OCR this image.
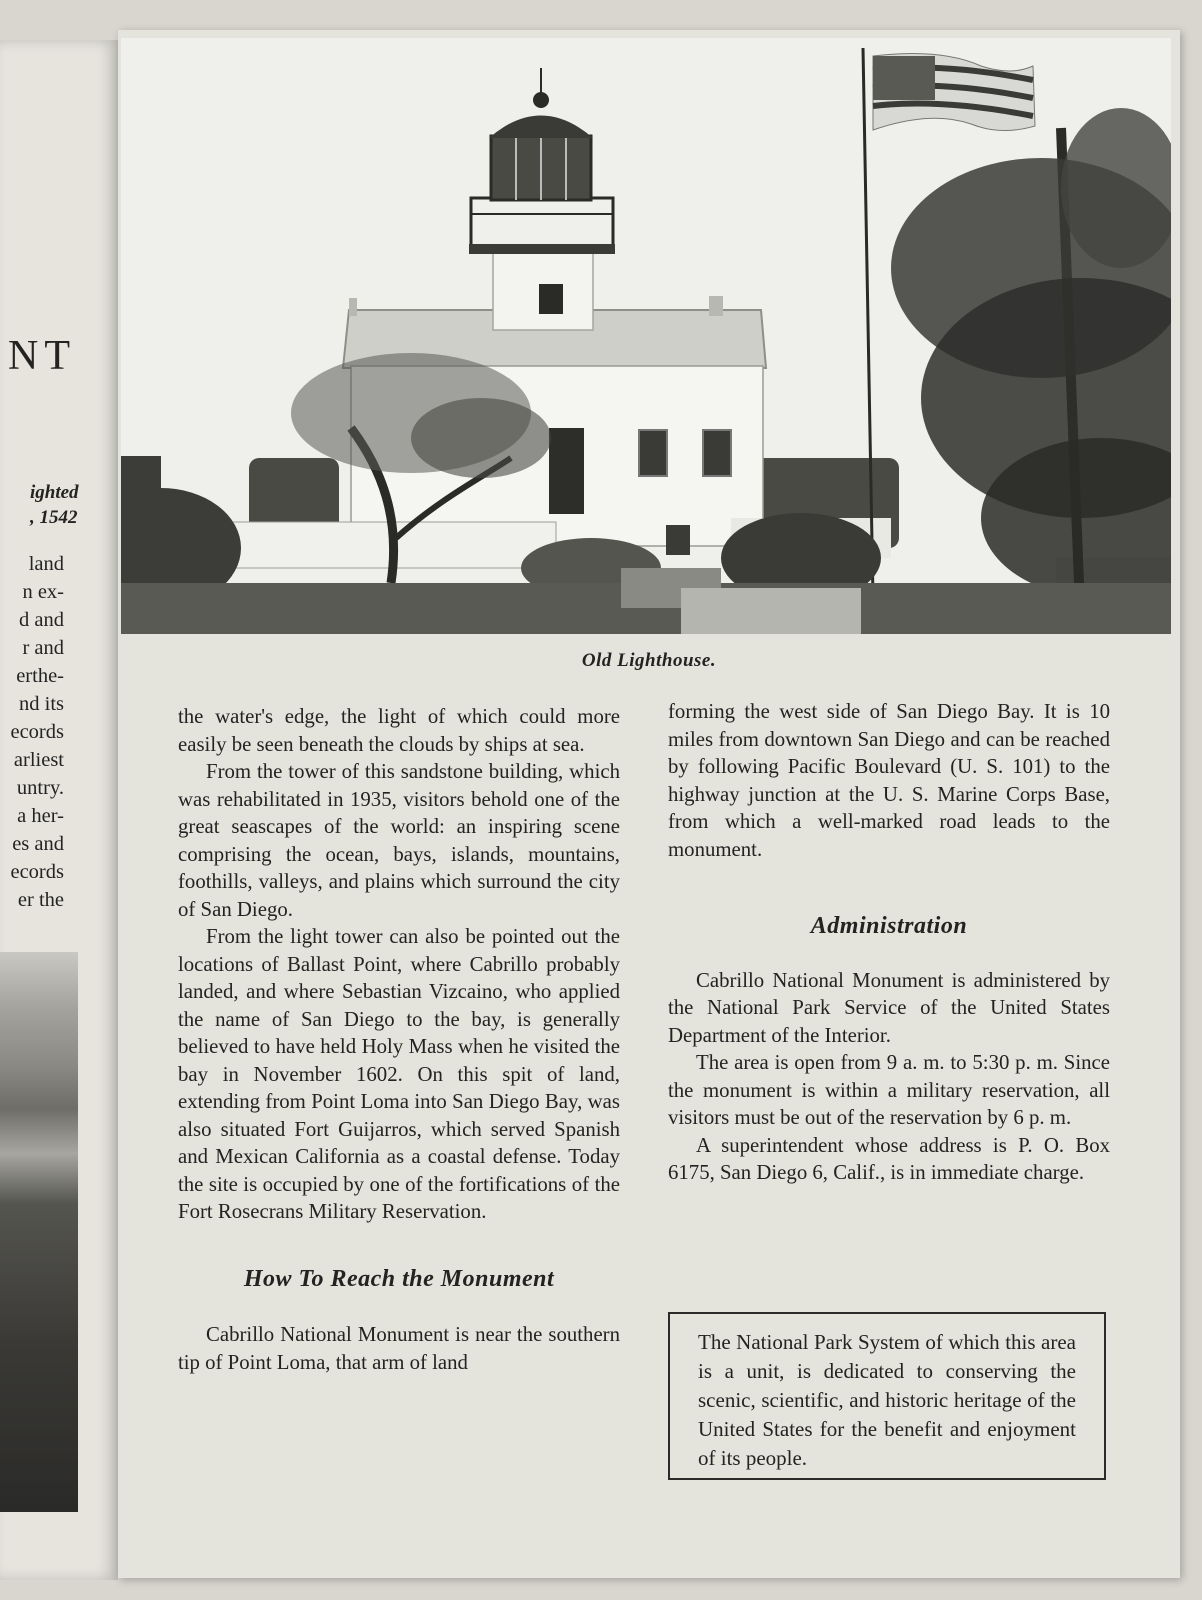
NT
ighted
, 1542
land
n ex-
d and
r and
erthe-
nd its
ecords
arliest
untry.
a her-
es and
ecords
er the
Old Lighthouse.

the water's edge, the light of which could more easily be seen beneath the clouds by ships at sea.

From the tower of this sandstone building, which was rehabilitated in 1935, visitors behold one of the great seascapes of the world: an inspiring scene comprising the ocean, bays, islands, mountains, foothills, valleys, and plains which surround the city of San Diego.

From the light tower can also be pointed out the locations of Ballast Point, where Cabrillo probably landed, and where Sebastian Vizcaino, who applied the name of San Diego to the bay, is generally believed to have held Holy Mass when he visited the bay in November 1602. On this spit of land, extending from Point Loma into San Diego Bay, was also situated Fort Guijarros, which served Spanish and Mexican California as a coastal defense. Today the site is occupied by one of the fortifications of the Fort Rosecrans Military Reservation.

How To Reach the Monument

Cabrillo National Monument is near the southern tip of Point Loma, that arm of land

forming the west side of San Diego Bay. It is 10 miles from downtown San Diego and can be reached by following Pacific Boulevard (U. S. 101) to the highway junction at the U. S. Marine Corps Base, from which a well-marked road leads to the monument.

Administration

Cabrillo National Monument is administered by the National Park Service of the United States Department of the Interior.

The area is open from 9 a. m. to 5:30 p. m. Since the monument is within a military reservation, all visitors must be out of the reservation by 6 p. m.

A superintendent whose address is P. O. Box 6175, San Diego 6, Calif., is in immediate charge.

The National Park System of which this area is a unit, is dedicated to conserving the scenic, scientific, and historic heritage of the United States for the benefit and enjoyment of its people.
